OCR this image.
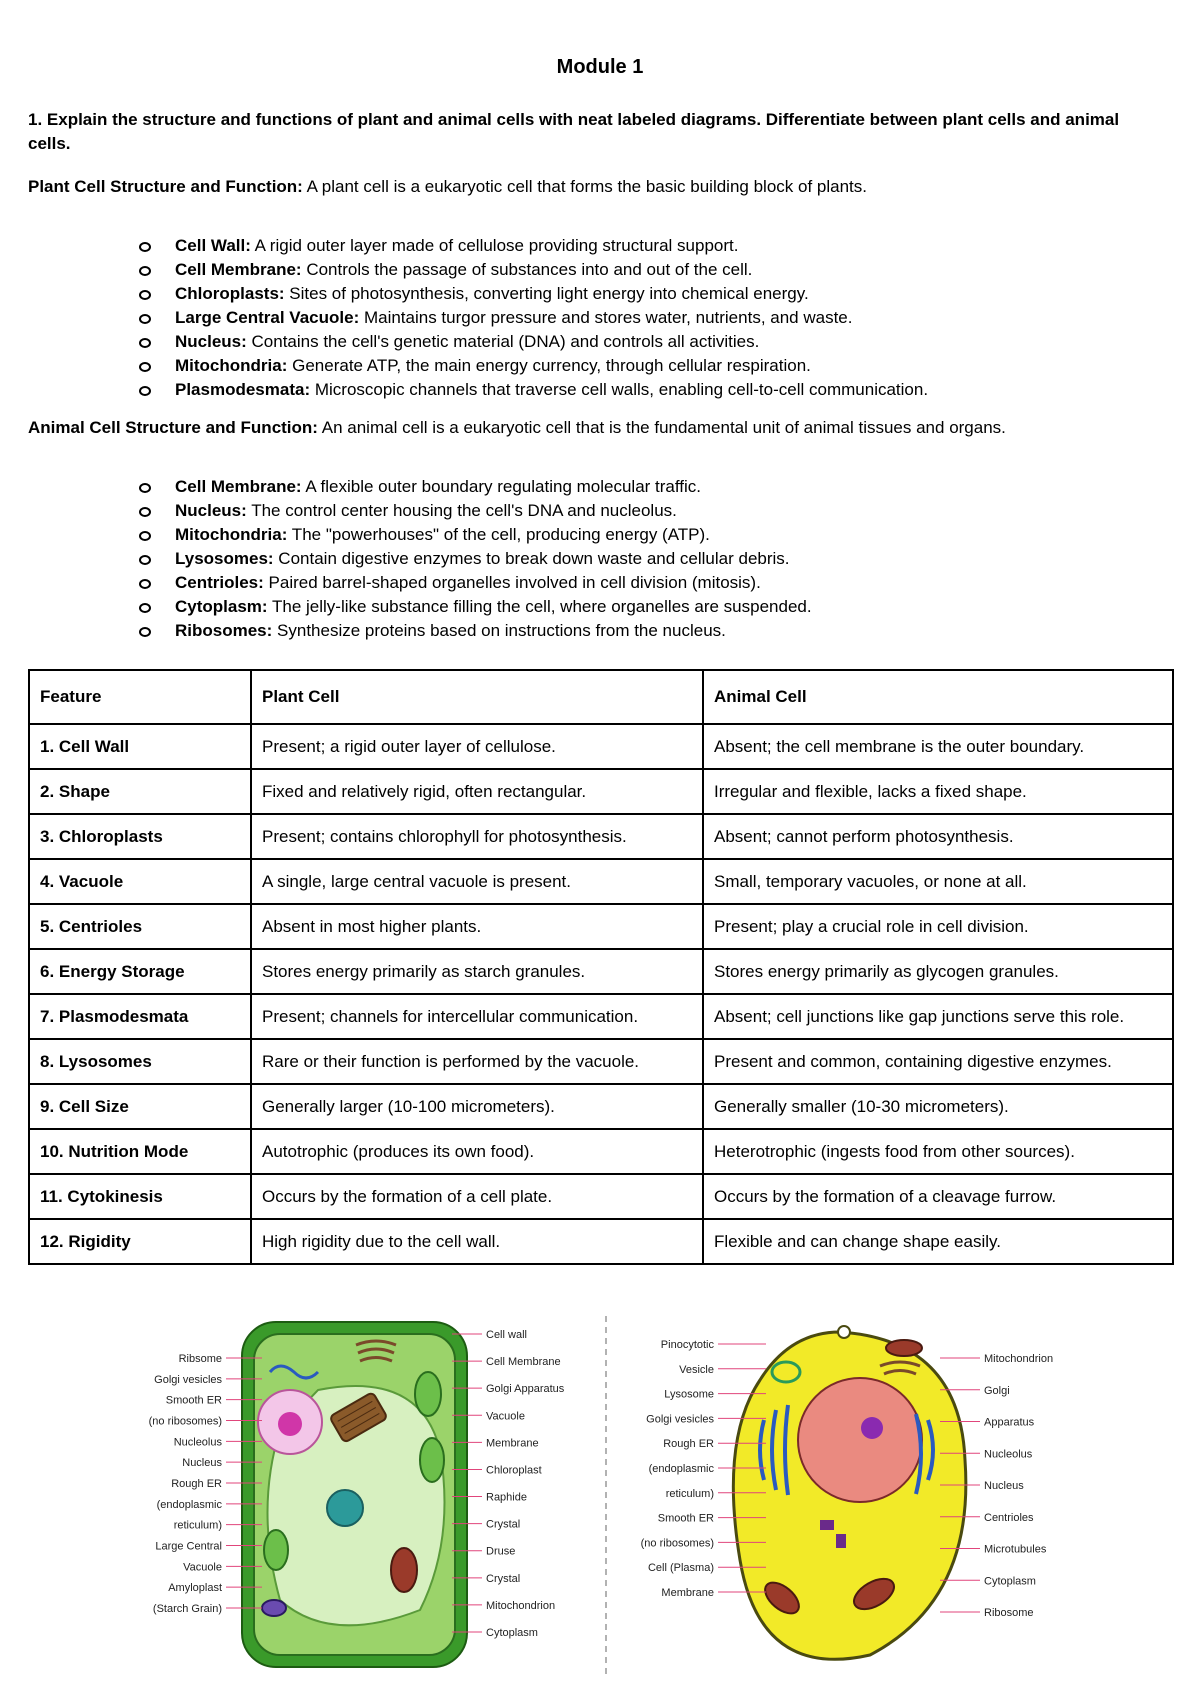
Module 1
1. Explain the structure and functions of plant and animal cells with neat labeled diagrams. Differentiate between plant cells and animal cells.
Plant Cell Structure and Function: A plant cell is a eukaryotic cell that forms the basic building block of plants.
Cell Wall: A rigid outer layer made of cellulose providing structural support.
Cell Membrane: Controls the passage of substances into and out of the cell.
Chloroplasts: Sites of photosynthesis, converting light energy into chemical energy.
Large Central Vacuole: Maintains turgor pressure and stores water, nutrients, and waste.
Nucleus: Contains the cell's genetic material (DNA) and controls all activities.
Mitochondria: Generate ATP, the main energy currency, through cellular respiration.
Plasmodesmata: Microscopic channels that traverse cell walls, enabling cell-to-cell communication.
Animal Cell Structure and Function: An animal cell is a eukaryotic cell that is the fundamental unit of animal tissues and organs.
Cell Membrane: A flexible outer boundary regulating molecular traffic.
Nucleus: The control center housing the cell's DNA and nucleolus.
Mitochondria: The "powerhouses" of the cell, producing energy (ATP).
Lysosomes: Contain digestive enzymes to break down waste and cellular debris.
Centrioles: Paired barrel-shaped organelles involved in cell division (mitosis).
Cytoplasm: The jelly-like substance filling the cell, where organelles are suspended.
Ribosomes: Synthesize proteins based on instructions from the nucleus.
Feature	Plant Cell	Animal Cell
1. Cell Wall	Present; a rigid outer layer of cellulose.	Absent; the cell membrane is the outer boundary.
2. Shape	Fixed and relatively rigid, often rectangular.	Irregular and flexible, lacks a fixed shape.
3. Chloroplasts	Present; contains chlorophyll for photosynthesis.	Absent; cannot perform photosynthesis.
4. Vacuole	A single, large central vacuole is present.	Small, temporary vacuoles, or none at all.
5. Centrioles	Absent in most higher plants.	Present; play a crucial role in cell division.
6. Energy Storage	Stores energy primarily as starch granules.	Stores energy primarily as glycogen granules.
7. Plasmodesmata	Present; channels for intercellular communication.	Absent; cell junctions like gap junctions serve this role.
8. Lysosomes	Rare or their function is performed by the vacuole.	Present and common, containing digestive enzymes.
9. Cell Size	Generally larger (10-100 micrometers).	Generally smaller (10-30 micrometers).
10. Nutrition Mode	Autotrophic (produces its own food).	Heterotrophic (ingests food from other sources).
11. Cytokinesis	Occurs by the formation of a cell plate.	Occurs by the formation of a cleavage furrow.
12. Rigidity	High rigidity due to the cell wall.	Flexible and can change shape easily.
Ribsome
Golgi vesicles
Smooth ER
(no ribosomes)
Nucleolus
Nucleus
Rough ER
(endoplasmic
reticulum)
Large Central
Vacuole
Amyloplast
(Starch Grain)
Cell wall
Cell Membrane
Golgi Apparatus
Vacuole
Membrane
Chloroplast
Raphide
Crystal
Druse
Crystal
Mitochondrion
Cytoplasm
Pinocytotic
Vesicle
Lysosome
Golgi vesicles
Rough ER
(endoplasmic
reticulum)
Smooth ER
(no ribosomes)
Cell (Plasma)
Membrane
Mitochondrion
Golgi
Apparatus
Nucleolus
Nucleus
Centrioles
Microtubules
Cytoplasm
Ribosome
